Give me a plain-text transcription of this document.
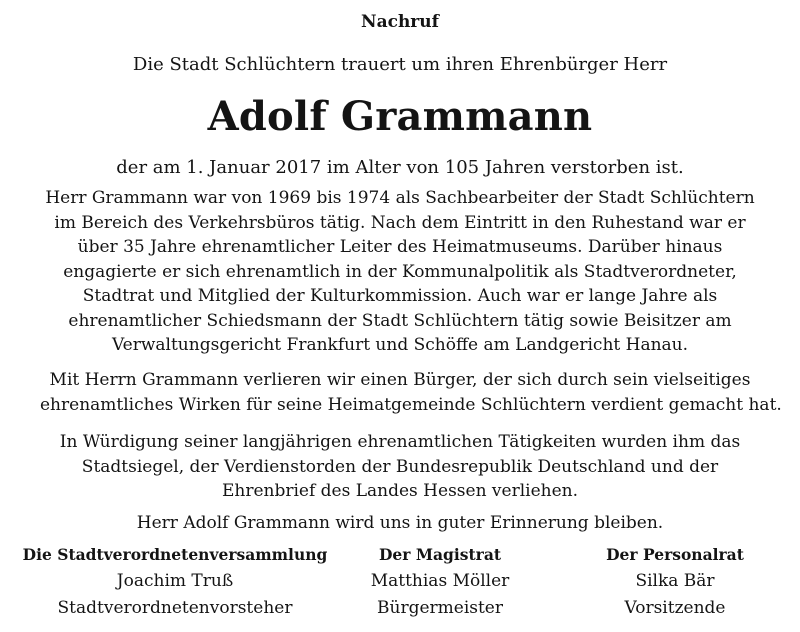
Nachruf
Die Stadt Schlüchtern trauert um ihren Ehrenbürger Herr
Adolf Grammann
der am 1. Januar 2017 im Alter von 105 Jahren verstorben ist.
Herr Grammann war von 1969 bis 1974 als Sachbearbeiter der Stadt Schlüchtern
im Bereich des Verkehrsbüros tätig. Nach dem Eintritt in den Ruhestand war er
über 35 Jahre ehrenamtlicher Leiter des Heimatmuseums. Darüber hinaus
engagierte er sich ehrenamtlich in der Kommunalpolitik als Stadtverordneter,
Stadtrat und Mitglied der Kulturkommission. Auch war er lange Jahre als
ehrenamtlicher Schiedsmann der Stadt Schlüchtern tätig sowie Beisitzer am
Verwaltungsgericht Frankfurt und Schöffe am Landgericht Hanau.
Mit Herrn Grammann verlieren wir einen Bürger, der sich durch sein vielseitiges
ehrenamtliches Wirken für seine Heimatgemeinde Schlüchtern verdient gemacht hat.
In Würdigung seiner langjährigen ehrenamtlichen Tätigkeiten wurden ihm das
Stadtsiegel, der Verdienstorden der Bundesrepublik Deutschland und der
Ehrenbrief des Landes Hessen verliehen.
Herr Adolf Grammann wird uns in guter Erinnerung bleiben.
Die Stadtverordnetenversammlung
Joachim Truß
Stadtverordnetenvorsteher
Der Magistrat
Matthias Möller
Bürgermeister
Der Personalrat
Silka Bär
Vorsitzende
